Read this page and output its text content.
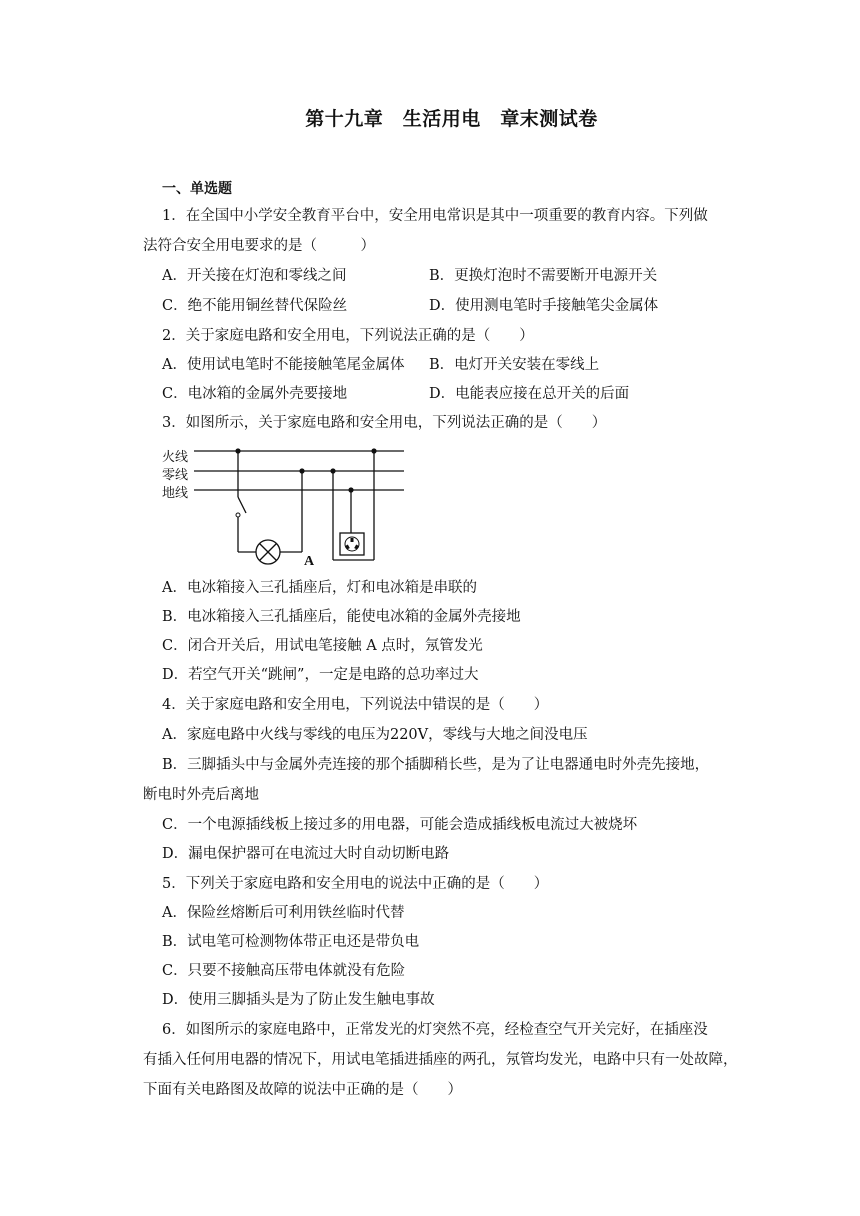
第十九章　生活用电　章末测试卷
一、单选题
1．在全国中小学安全教育平台中，安全用电常识是其中一项重要的教育内容。下列做
法符合安全用电要求的是（　　　）
A．开关接在灯泡和零线之间	B．更换灯泡时不需要断开电源开关
C．绝不能用铜丝替代保险丝	D．使用测电笔时手接触笔尖金属体
2．关于家庭电路和安全用电，下列说法正确的是（　　）
A．使用试电笔时不能接触笔尾金属体 B．电灯开关安装在零线上
C．电冰箱的金属外壳要接地	D．电能表应接在总开关的后面
3．如图所示，关于家庭电路和安全用电，下列说法正确的是（　　）
火线
零线
地线
A
A．电冰箱接入三孔插座后，灯和电冰箱是串联的
B．电冰箱接入三孔插座后，能使电冰箱的金属外壳接地
C．闭合开关后，用试电笔接触 A 点时，氖管发光
D．若空气开关“跳闸”，一定是电路的总功率过大
4．关于家庭电路和安全用电，下列说法中错误的是（　　）
A．家庭电路中火线与零线的电压为220V，零线与大地之间没电压
B．三脚插头中与金属外壳连接的那个插脚稍长些，是为了让电器通电时外壳先接地，
断电时外壳后离地
C．一个电源插线板上接过多的用电器，可能会造成插线板电流过大被烧坏
D．漏电保护器可在电流过大时自动切断电路
5．下列关于家庭电路和安全用电的说法中正确的是（　　）
A．保险丝熔断后可利用铁丝临时代替
B．试电笔可检测物体带正电还是带负电
C．只要不接触高压带电体就没有危险
D．使用三脚插头是为了防止发生触电事故
6．如图所示的家庭电路中，正常发光的灯突然不亮，经检查空气开关完好，在插座没
有插入任何用电器的情况下，用试电笔插进插座的两孔，氖管均发光，电路中只有一处故障，
下面有关电路图及故障的说法中正确的是（　　）
